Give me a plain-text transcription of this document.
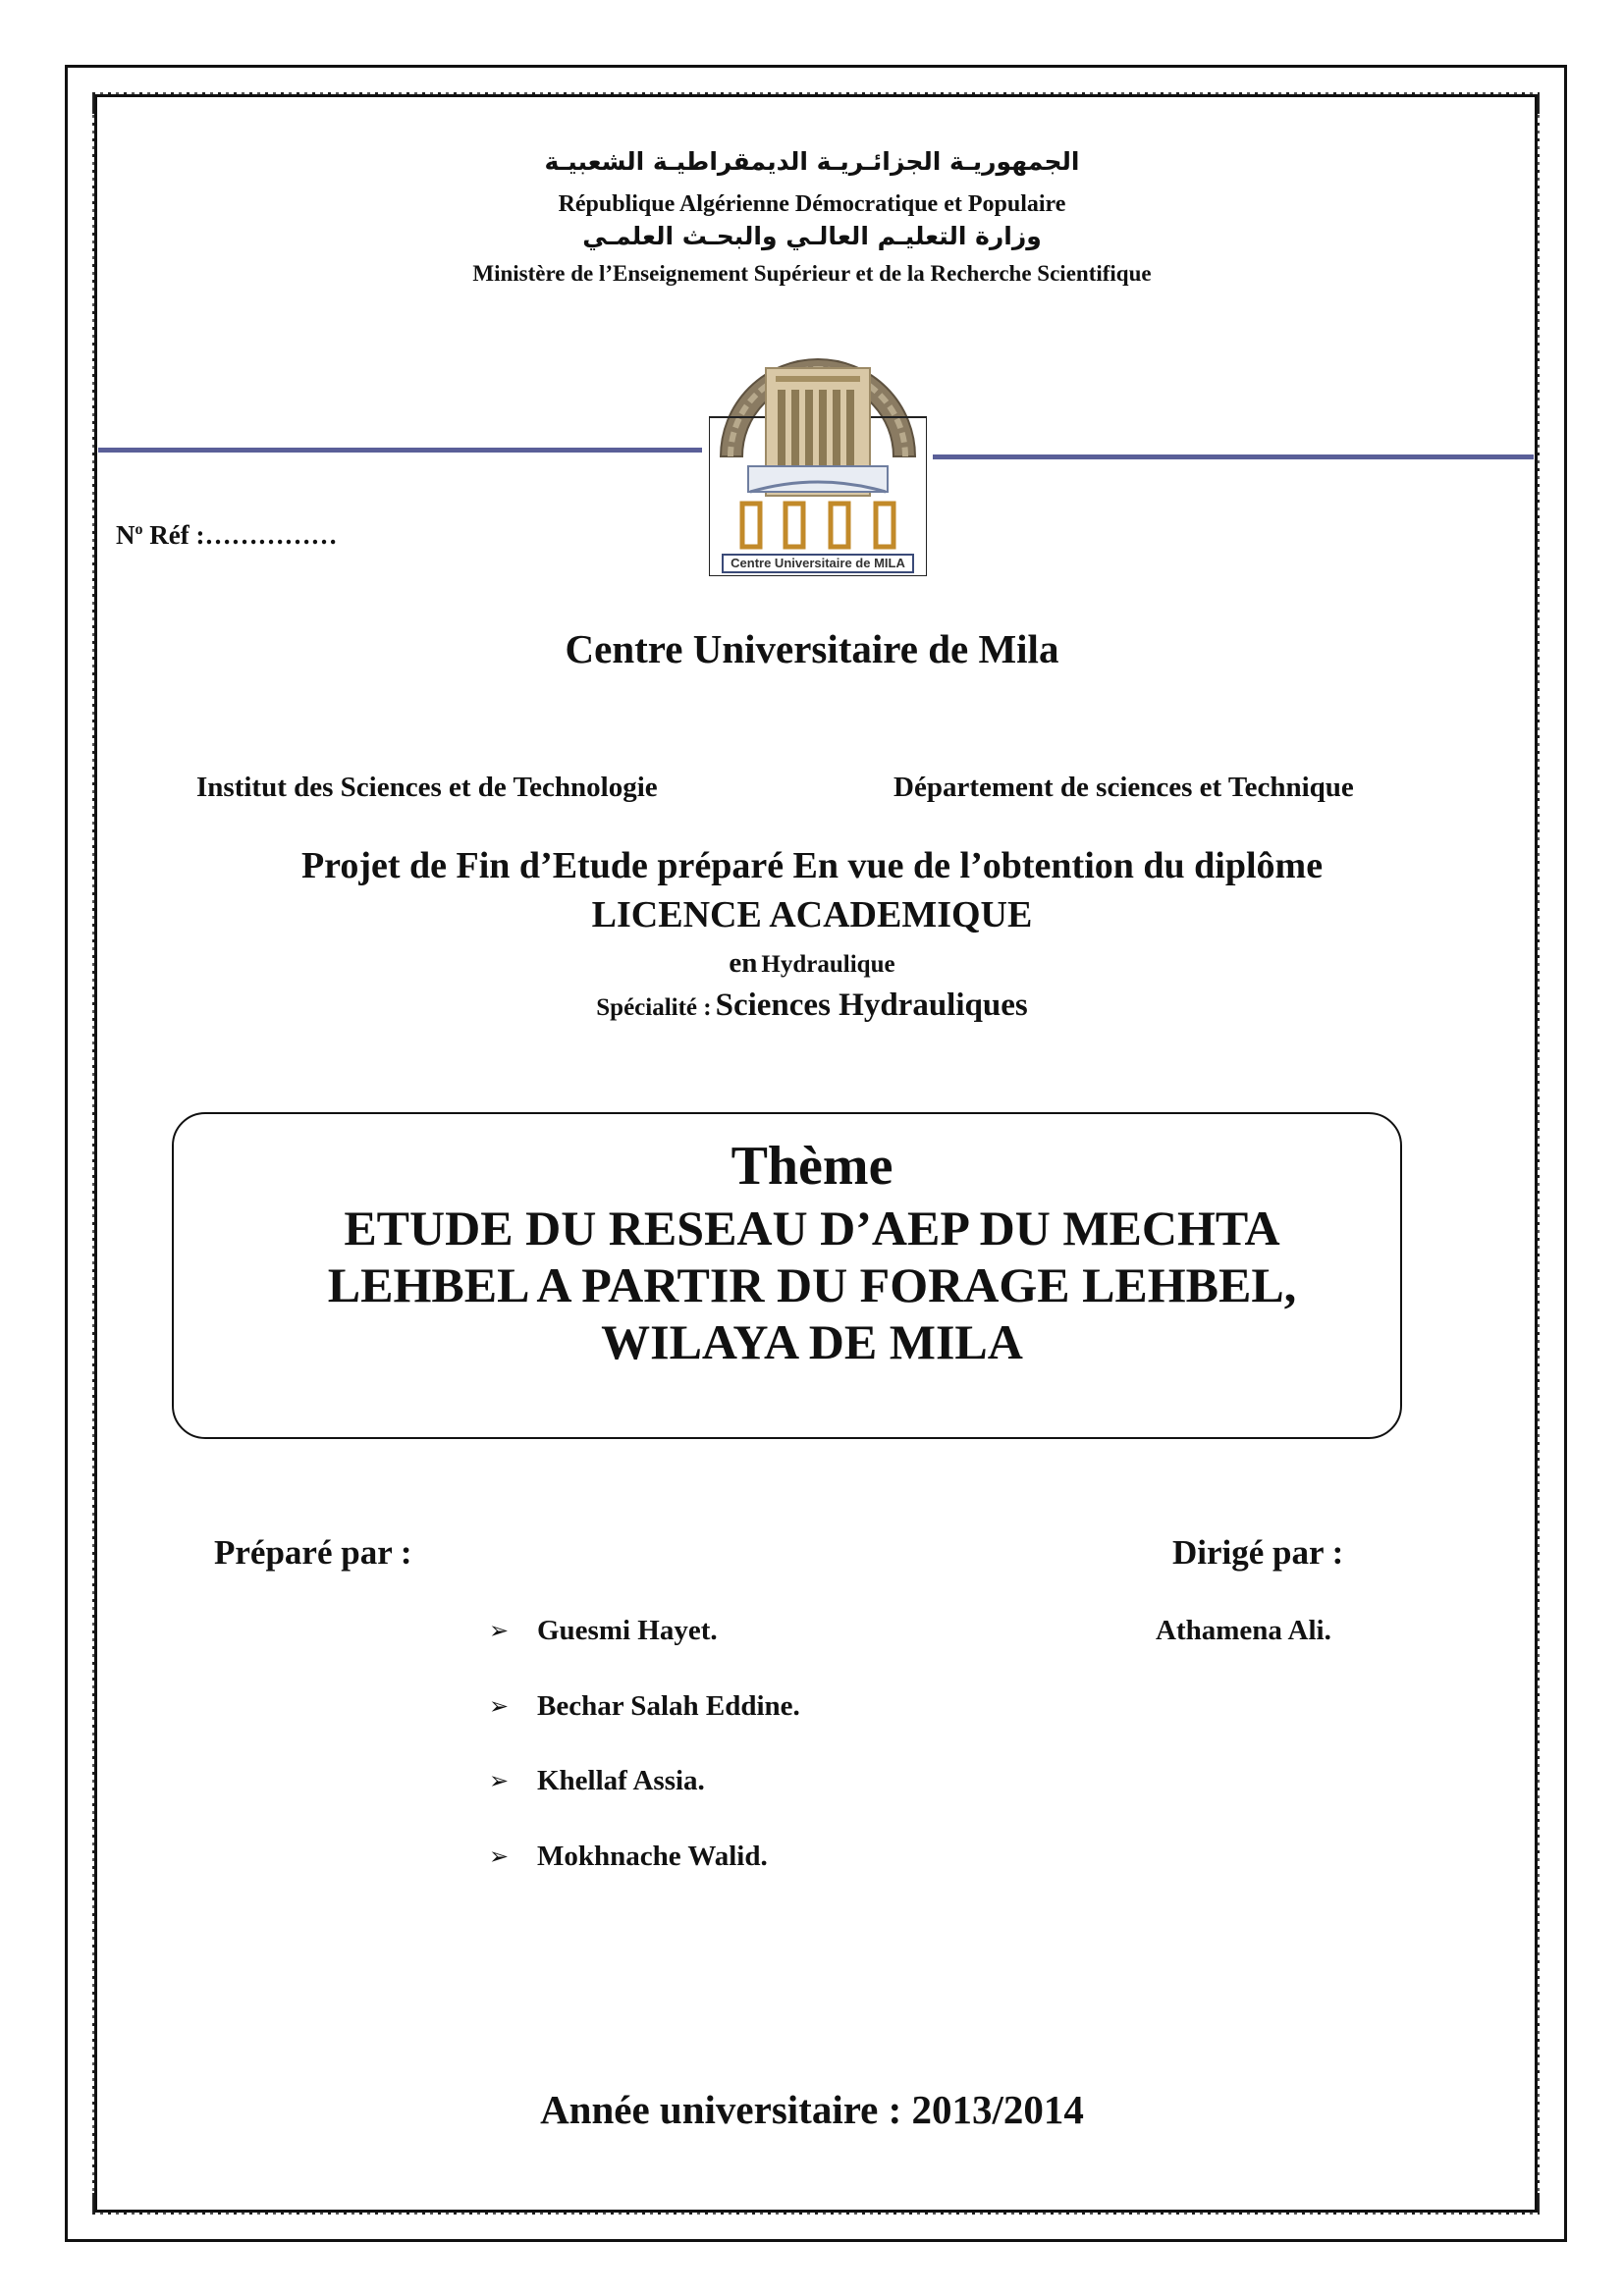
الجمهوريـة الجزائـريـة الديمقراطيـة الشعبيـة
République Algérienne Démocratique et Populaire
وزارة التعليـم العالـي والبحـث العلمـي
Ministère de l’Enseignement Supérieur et de la Recherche Scientifique
Centre Universitaire de MILA
$N^o$ Réf :……………
Centre Universitaire de Mila
Institut des Sciences et de Technologie	Département de sciences et Technique
Projet de Fin d’Etude préparé En vue de l’obtention du diplôme
LICENCE ACADEMIQUE
en Hydraulique
Spécialité : Sciences Hydrauliques
Thème
ETUDE DU RESEAU D’AEP DU MECHTA
LEHBEL A PARTIR DU FORAGE LEHBEL,
WILAYA DE MILA
Préparé par :	Dirigé par :
➢ Guesmi Hayet.	Athamena Ali.
➢ Bechar Salah Eddine.
➢ Khellaf Assia.
➢ Mokhnache Walid.
Année universitaire : 2013/2014
